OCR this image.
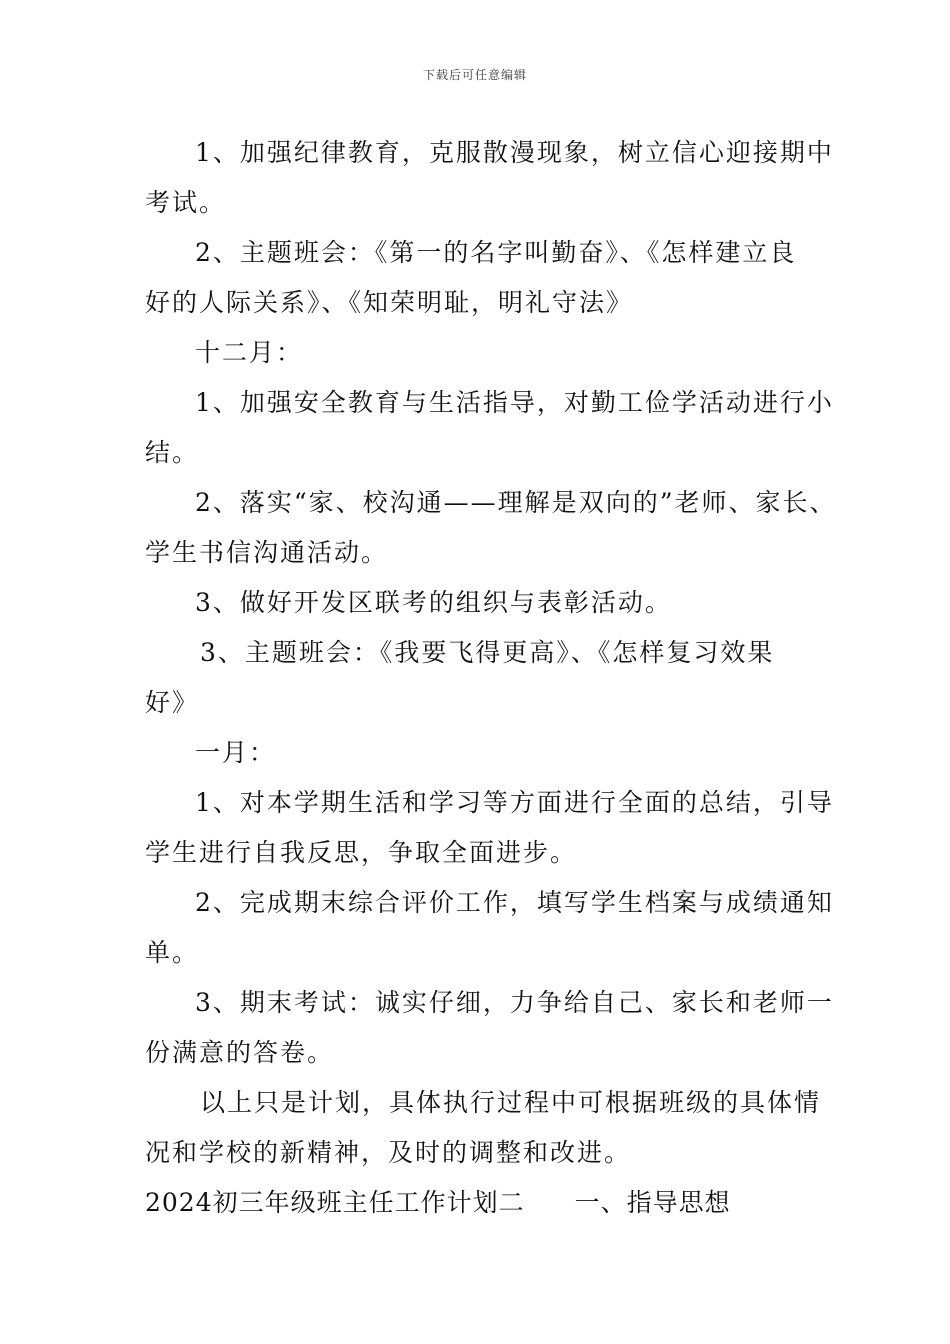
下载后可任意编辑

1、加强纪律教育，克服散漫现象，树立信心迎接期中

考试。

2、主题班会：《第一的名字叫勤奋》、《怎样建立良

好的人际关系》、《知荣明耻，明礼守法》

十二月：

1、加强安全教育与生活指导，对勤工俭学活动进行小

结。

2、落实“家、校沟通——理解是双向的”老师、家长、

学生书信沟通活动。

3、做好开发区联考的组织与表彰活动。

3、主题班会：《我要飞得更高》、《怎样复习效果

好》

一月：

1、对本学期生活和学习等方面进行全面的总结，引导

学生进行自我反思，争取全面进步。

2、完成期末综合评价工作，填写学生档案与成绩通知

单。

3、期末考试：诚实仔细，力争给自己、家长和老师一

份满意的答卷。

以上只是计划，具体执行过程中可根据班级的具体情

况和学校的新精神，及时的调整和改进。

2024初三年级班主任工作计划二 一、指导思想
